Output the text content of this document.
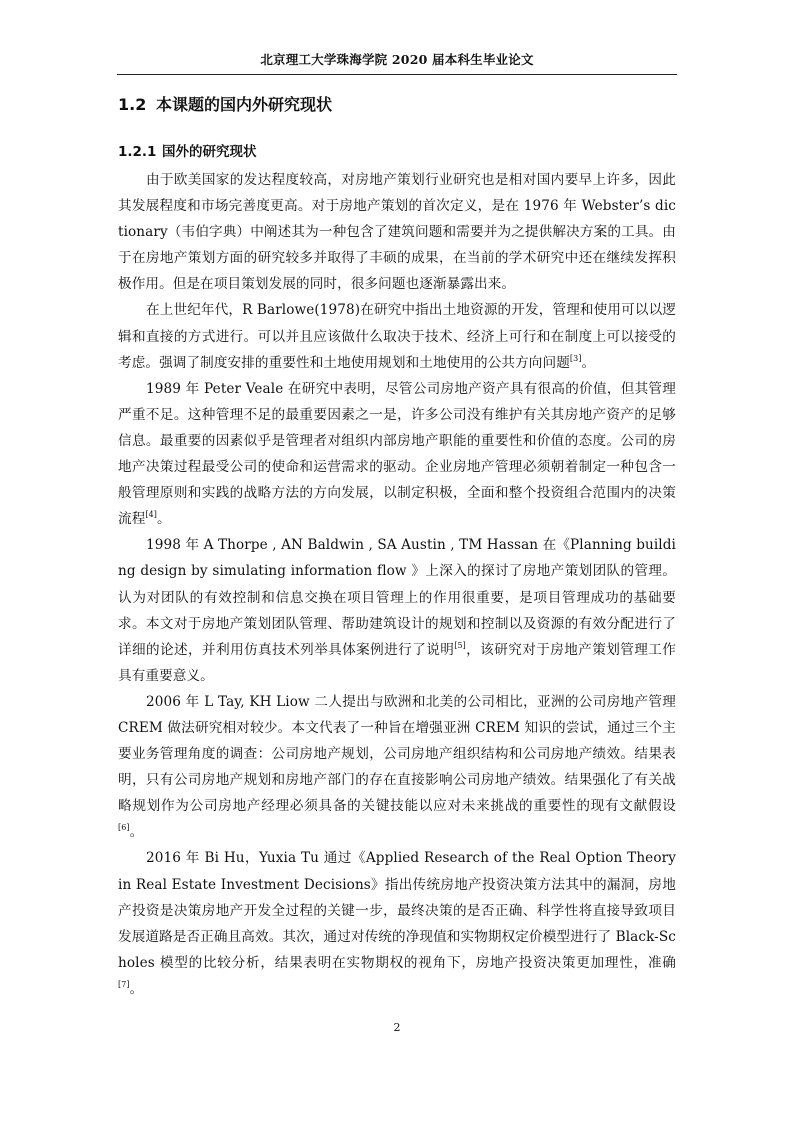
北京理工大学珠海学院 2020 届本科生毕业论文
1.2 本课题的国内外研究现状
1.2.1 国外的研究现状

由于欧美国家的发达程度较高，对房地产策划行业研究也是相对国内要早上许多，因此其发展程度和市场完善度更高。对于房地产策划的首次定义，是在 1976 年 Webster’s dictionary（韦伯字典）中阐述其为一种包含了建筑问题和需要并为之提供解决方案的工具。由于在房地产策划方面的研究较多并取得了丰硕的成果，在当前的学术研究中还在继续发挥积极作用。但是在项目策划发展的同时，很多问题也逐渐暴露出来。

在上世纪年代，R Barlowe(1978)在研究中指出土地资源的开发，管理和使用可以以逻辑和直接的方式进行。可以并且应该做什么取决于技术、经济上可行和在制度上可以接受的考虑。强调了制度安排的重要性和土地使用规划和土地使用的公共方向问题[3]。

1989 年 Peter Veale 在研究中表明，尽管公司房地产资产具有很高的价值，但其管理严重不足。这种管理不足的最重要因素之一是，许多公司没有维护有关其房地产资产的足够信息。最重要的因素似乎是管理者对组织内部房地产职能的重要性和价值的态度。公司的房地产决策过程最受公司的使命和运营需求的驱动。企业房地产管理必须朝着制定一种包含一般管理原则和实践的战略方法的方向发展，以制定积极，全面和整个投资组合范围内的决策流程[4]。

1998 年 A Thorpe , AN Baldwin , SA Austin , TM Hassan 在《Planning building design by simulating information flow 》上深入的探讨了房地产策划团队的管理。认为对团队的有效控制和信息交换在项目管理上的作用很重要，是项目管理成功的基础要求。本文对于房地产策划团队管理、帮助建筑设计的规划和控制以及资源的有效分配进行了详细的论述，并利用仿真技术列举具体案例进行了说明[5]，该研究对于房地产策划管理工作具有重要意义。

2006 年 L Tay, KH Liow 二人提出与欧洲和北美的公司相比，亚洲的公司房地产管理 CREM 做法研究相对较少。本文代表了一种旨在增强亚洲 CREM 知识的尝试，通过三个主要业务管理角度的调查：公司房地产规划，公司房地产组织结构和公司房地产绩效。结果表明，只有公司房地产规划和房地产部门的存在直接影响公司房地产绩效。结果强化了有关战略规划作为公司房地产经理必须具备的关键技能以应对未来挑战的重要性的现有文献假设[6]。

2016 年 Bi Hu，Yuxia Tu 通过《Applied Research of the Real Option Theory in Real Estate Investment Decisions》指出传统房地产投资决策方法其中的漏洞，房地产投资是决策房地产开发全过程的关键一步，最终决策的是否正确、科学性将直接导致项目发展道路是否正确且高效。其次，通过对传统的净现值和实物期权定价模型进行了 Black-Scholes 模型的比较分析，结果表明在实物期权的视角下，房地产投资决策更加理性，准确[7]。

2
